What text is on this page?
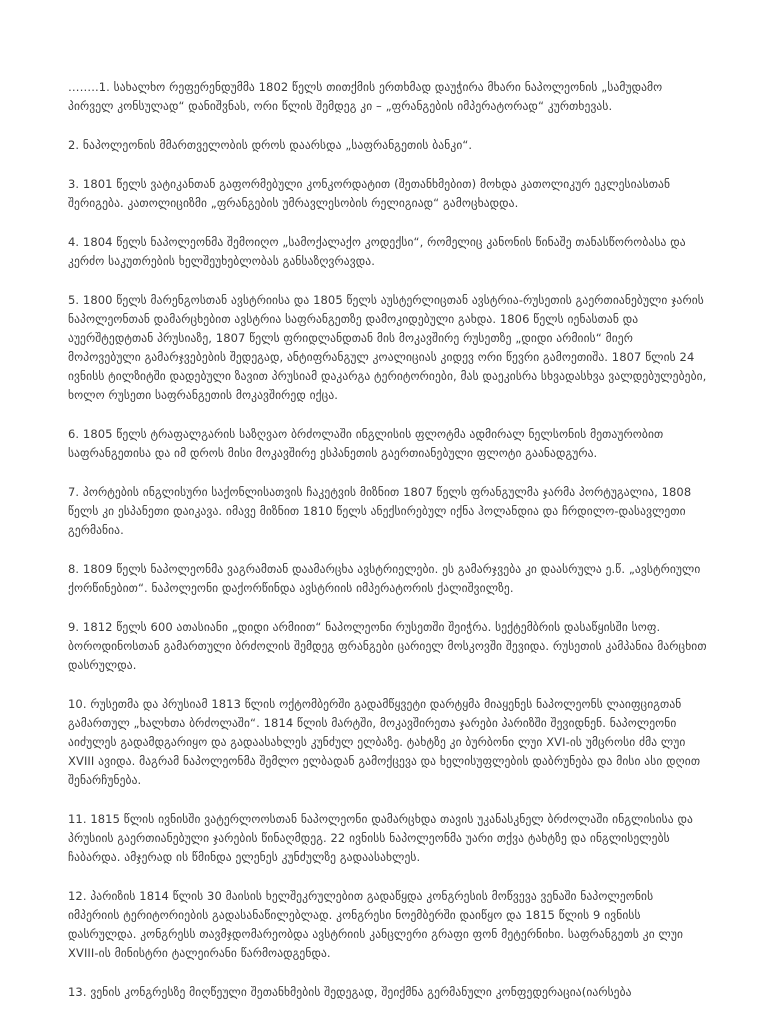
……..1. სახალხო რეფერენდუმმა 1802 წელს თითქმის ერთხმად დაუჭირა მხარი ნაპოლეონის „სამუდამო პირველ კონსულად“ დანიშვნას, ორი წლის შემდეგ კი – „ფრანგების იმპერატორად“ კურთხევას.

2. ნაპოლეონის მმართველობის დროს დაარსდა „საფრანგეთის ბანკი“.

3. 1801 წელს ვატიკანთან გაფორმებული კონკორდატით (შეთანხმებით) მოხდა კათოლიკურ ეკლესიასთან შერიგება. კათოლიციზმი „ფრანგების უმრავლესობის რელიგიად“ გამოცხადდა.

4. 1804 წელს ნაპოლეონმა შემოიღო „სამოქალაქო კოდექსი“, რომელიც კანონის წინაშე თანასწორობასა და კერძო საკუთრების ხელშეუხებლობას განსაზღვრავდა.

5. 1800 წელს მარენგოსთან ავსტრიისა და 1805 წელს აუსტერლიცთან ავსტრია-რუსეთის გაერთიანებული ჯარის ნაპოლეონთან დამარცხებით ავსტრია საფრანგეთზე დამოკიდებული გახდა. 1806 წელს იენასთან და აუერშტედტთან პრუსიაზე, 1807 წელს ფრიდლანდთან მის მოკავშირე რუსეთზე „დიდი არმიის“ მიერ მოპოვებული გამარჯვებების შედეგად, ანტიფრანგულ კოალიციას კიდევ ორი წევრი გამოეთიშა. 1807 წლის 24 ივნისს ტილზიტში დადებული ზავით პრუსიამ დაკარგა ტერიტორიები, მას დაეკისრა სხვადასხვა ვალდებულებები, ხოლო რუსეთი საფრანგეთის მოკავშირედ იქცა.

6. 1805 წელს ტრაფალგარის საზღვაო ბრძოლაში ინგლისის ფლოტმა ადმირალ ნელსონის მეთაურობით საფრანგეთისა და იმ დროს მისი მოკავშირე ესპანეთის გაერთიანებული ფლოტი გაანადგურა.

7. პორტების ინგლისური საქონლისათვის ჩაკეტვის მიზნით 1807 წელს ფრანგულმა ჯარმა პორტუგალია, 1808 წელს კი ესპანეთი დაიკავა. იმავე მიზნით 1810 წელს ანექსირებულ იქნა ჰოლანდია და ჩრდილო-დასავლეთი გერმანია.

8. 1809 წელს ნაპოლეონმა ვაგრამთან დაამარცხა ავსტრიელები. ეს გამარჯვება კი დაასრულა ე.წ. „ავსტრიული ქორწინებით“. ნაპოლეონი დაქორწინდა ავსტრიის იმპერატორის ქალიშვილზე.

9. 1812 წელს 600 ათასიანი „დიდი არმიით“ ნაპოლეონი რუსეთში შეიჭრა. სექტემბრის დასაწყისში სოფ. ბოროდინოსთან გამართული ბრძოლის შემდეგ ფრანგები ცარიელ მოსკოვში შევიდა. რუსეთის კამპანია მარცხით დასრულდა.

10. რუსეთმა და პრუსიამ 1813 წლის ოქტომბერში გადამწყვეტი დარტყმა მიაყენეს ნაპოლეონს ლაიფციგთან გამართულ „ხალხთა ბრძოლაში“. 1814 წლის მარტში, მოკავშირეთა ჯარები პარიზში შევიდნენ. ნაპოლეონი აიძულეს გადამდგარიყო და გადაასახლეს კუნძულ ელბაზე. ტახტზე კი ბურბონი ლუი XVI-ის უმცროსი ძმა ლუი XVIII ავიდა. მაგრამ ნაპოლეონმა შემლო ელბადან გამოქცევა და ხელისუფლების დაბრუნება და მისი ასი დღით შენარჩუნება.

11. 1815 წლის ივნისში ვატერლოოსთან ნაპოლეონი დამარცხდა თავის უკანასკნელ ბრძოლაში ინგლისისა და პრუსიის გაერთიანებული ჯარების წინაღმდეგ. 22 ივნისს ნაპოლეონმა უარი თქვა ტახტზე და ინგლისელებს ჩაბარდა. ამჯერად ის წმინდა ელენეს კუნძულზე გადაასახლეს.

12. პარიზის 1814 წლის 30 მაისის ხელშეკრულებით გადაწყდა კონგრესის მოწვევა ვენაში ნაპოლეონის იმპერიის ტერიტორიების გადასანაწილებლად. კონგრესი ნოემბერში დაიწყო და 1815 წლის 9 ივნისს დასრულდა. კონგრესს თავმჯდომარეობდა ავსტრიის კანცლერი გრაფი ფონ მეტერნიხი. საფრანგეთს კი ლუი XVIII-ის მინისტრი ტალეირანი წარმოადგენდა.

13. ვენის კონგრესზე მიღწეული შეთანხმების შედეგად, შეიქმნა გერმანული კონფედერაცია(იარსება
